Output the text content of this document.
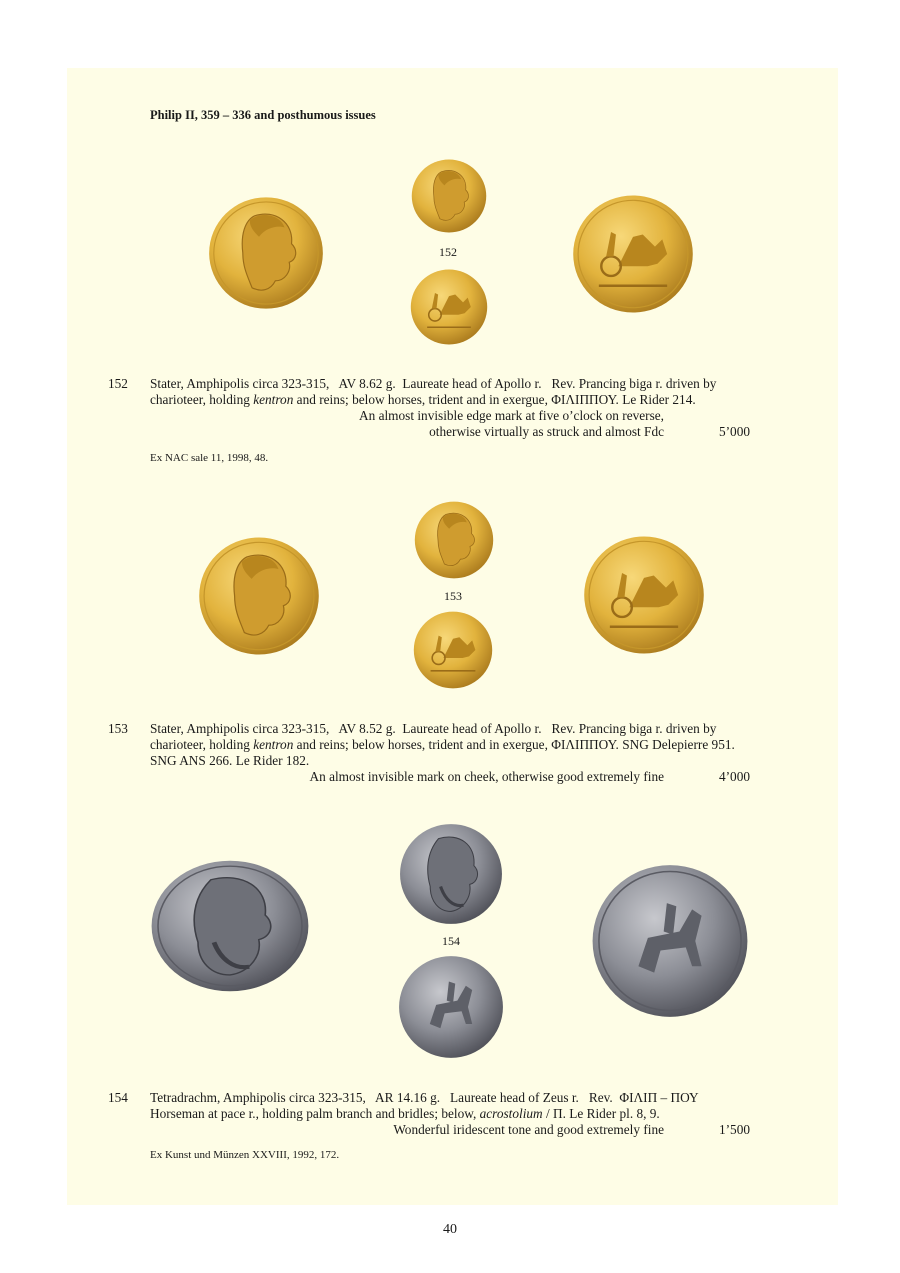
Philip II, 359 – 336 and posthumous issues
152
152 Stater, Amphipolis circa 323-315,   AV 8.62 g.  Laureate head of Apollo r.   Rev. Prancing biga r. driven by
charioteer, holding kentron and reins; below horses, trident and in exergue, ΦΙΛΙΠΠΟΥ. Le Rider 214.
An almost invisible edge mark at five o’clock on reverse,
otherwise virtually as struck and almost Fdc	5’000
Ex NAC sale 11, 1998, 48.
153
153 Stater, Amphipolis circa 323-315,   AV 8.52 g.  Laureate head of Apollo r.   Rev. Prancing biga r. driven by
charioteer, holding kentron and reins; below horses, trident and in exergue, ΦΙΛΙΠΠΟΥ. SNG Delepierre 951.
SNG ANS 266. Le Rider 182.
An almost invisible mark on cheek, otherwise good extremely fine	4’000
154
154 Tetradrachm, Amphipolis circa 323-315,   AR 14.16 g.   Laureate head of Zeus r.   Rev.  ΦΙΛΙΠ – ΠΟΥ
Horseman at pace r., holding palm branch and bridles; below, acrostolium / Π. Le Rider pl. 8, 9.
Wonderful iridescent tone and good extremely fine	1’500
Ex Kunst und Münzen XXVIII, 1992, 172.
40
